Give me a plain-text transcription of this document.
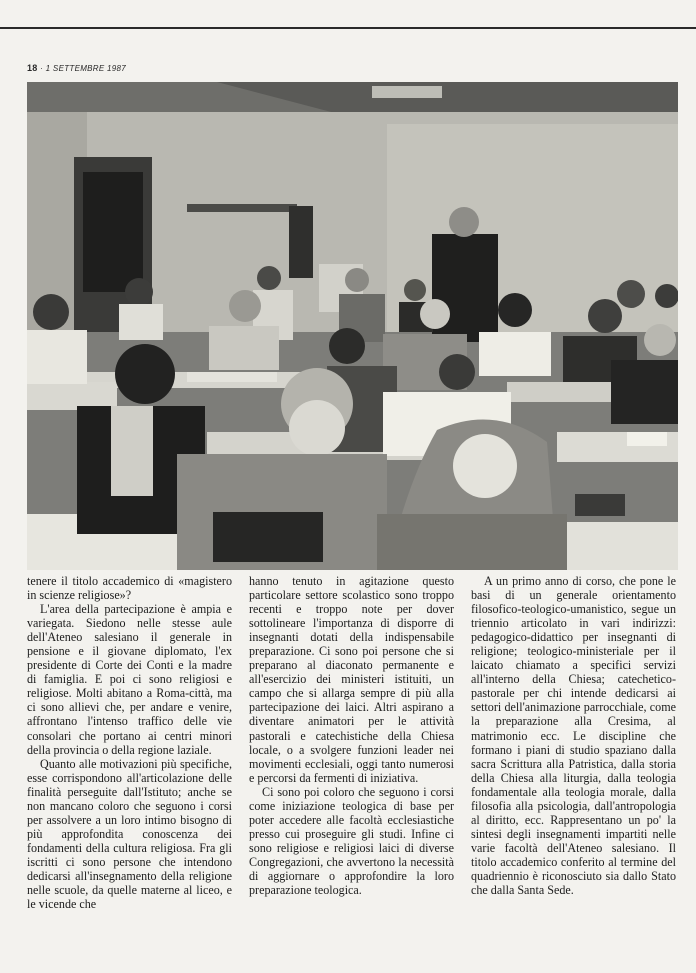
18 · 1 SETTEMBRE 1987

tenere il titolo accademico di «magistero in scienze religiose»?

L'area della partecipazione è ampia e variegata. Siedono nelle stesse aule dell'Ateneo salesiano il generale in pensione e il giovane diplomato, l'ex presidente di Corte dei Conti e la madre di famiglia. E poi ci sono religiosi e religiose. Molti abitano a Roma-città, ma ci sono allievi che, per andare e venire, affrontano l'intenso traffico delle vie consolari che portano ai centri minori della provincia o della regione laziale.

Quanto alle motivazioni più specifiche, esse corrispondono all'articolazione delle finalità perseguite dall'Istituto; anche se non mancano coloro che seguono i corsi per assolvere a un loro intimo bisogno di più approfondita conoscenza dei fondamenti della cultura religiosa. Fra gli iscritti ci sono persone che intendono dedicarsi all'insegnamento della religione nelle scuole, da quelle materne al liceo, e le vicende che

hanno tenuto in agitazione questo particolare settore scolastico sono troppo recenti e troppo note per dover sottolineare l'importanza di disporre di insegnanti dotati della indispensabile preparazione. Ci sono poi persone che si preparano al diaconato permanente e all'esercizio dei ministeri istituiti, un campo che si allarga sempre di più alla partecipazione dei laici. Altri aspirano a diventare animatori per le attività pastorali e catechistiche della Chiesa locale, o a svolgere funzioni leader nei movimenti ecclesiali, oggi tanto numerosi e percorsi da fermenti di iniziativa.

Ci sono poi coloro che seguono i corsi come iniziazione teologica di base per poter accedere alle facoltà ecclesiastiche presso cui proseguire gli studi. Infine ci sono religiose e religiosi laici di diverse Congregazioni, che avvertono la necessità di aggiornare o approfondire la loro preparazione teologica.

A un primo anno di corso, che pone le basi di un generale orientamento filosofico-teologico-umanistico, segue un triennio articolato in vari indirizzi: pedagogico-didattico per insegnanti di religione; teologico-ministeriale per il laicato chiamato a specifici servizi all'interno della Chiesa; catechetico-pastorale per chi intende dedicarsi ai settori dell'animazione parrocchiale, come la preparazione alla Cresima, al matrimonio ecc. Le discipline che formano i piani di studio spaziano dalla sacra Scrittura alla Patristica, dalla storia della Chiesa alla liturgia, dalla teologia fondamentale alla teologia morale, dalla filosofia alla psicologia, dall'antropologia al diritto, ecc. Rappresentano un po' la sintesi degli insegnamenti impartiti nelle varie facoltà dell'Ateneo salesiano. Il titolo accademico conferito al termine del quadriennio è riconosciuto sia dallo Stato che dalla Santa Sede.
